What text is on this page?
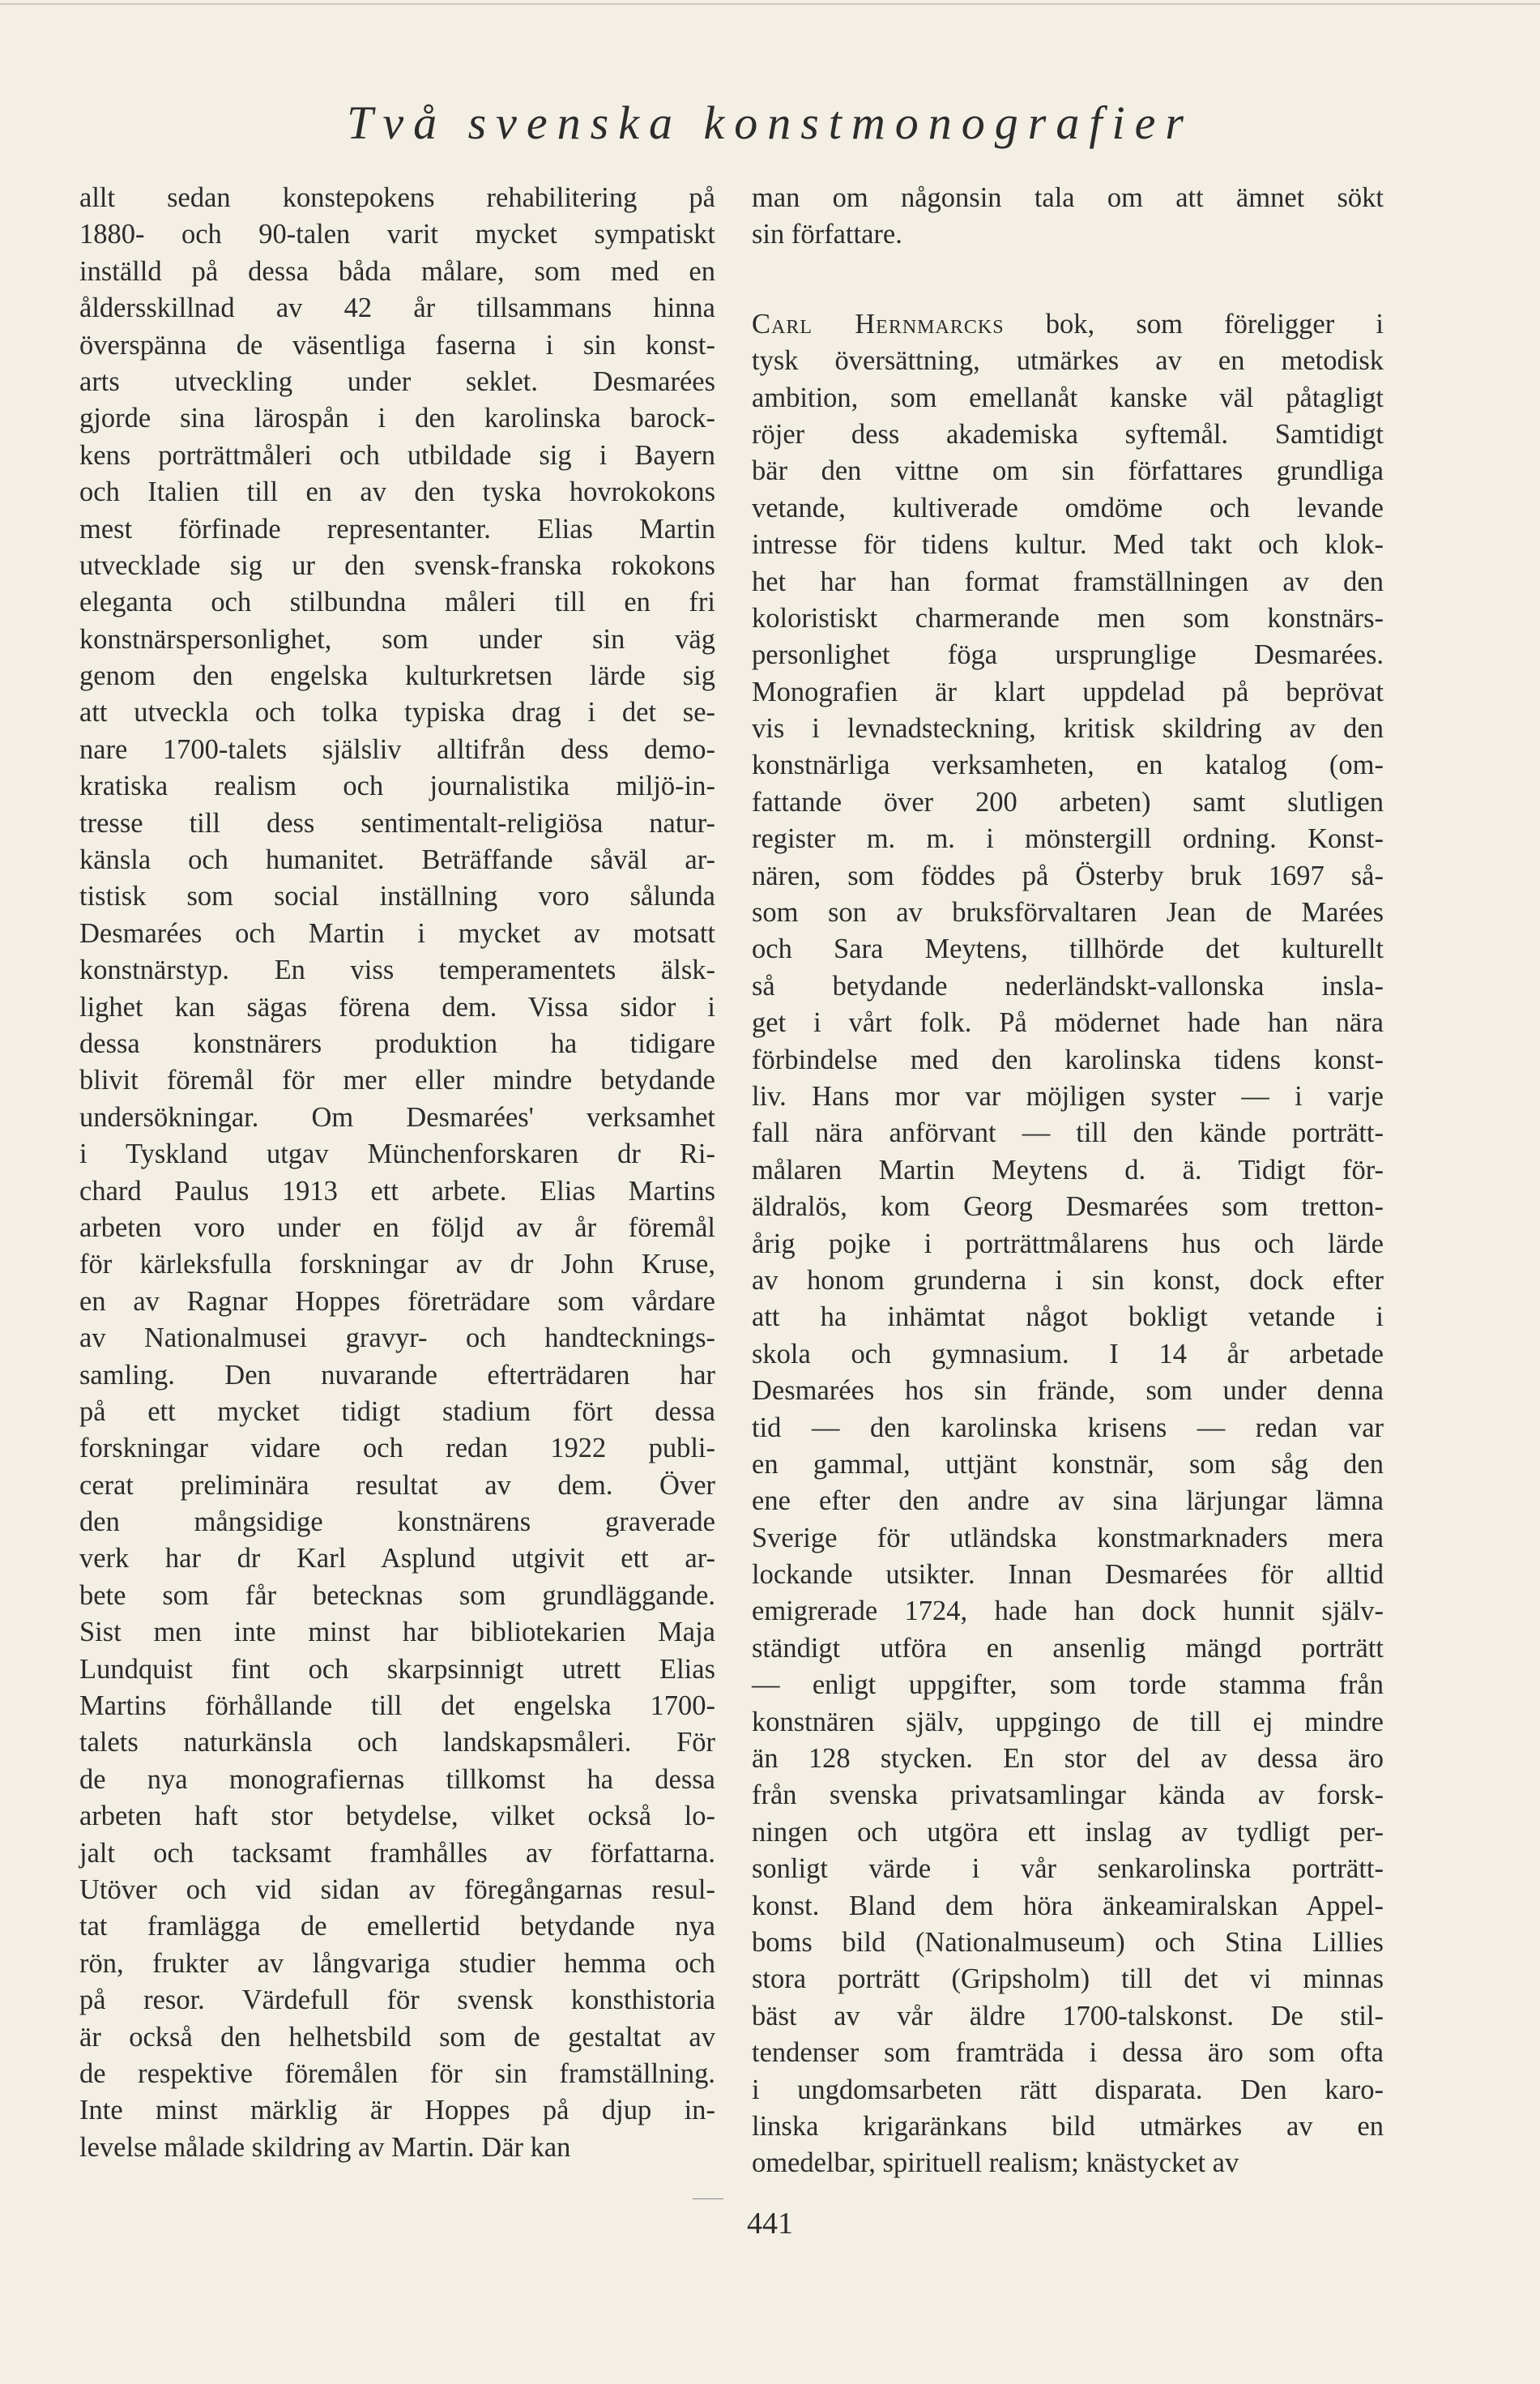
Två svenska konstmonografier
allt sedan konstepokens rehabilitering på
1880- och 90-talen varit mycket sympatiskt
inställd på dessa båda målare, som med en
åldersskillnad av 42 år tillsammans hinna
överspänna de väsentliga faserna i sin konst-
arts utveckling under seklet. Desmarées
gjorde sina lärospån i den karolinska barock-
kens porträttmåleri och utbildade sig i Bayern
och Italien till en av den tyska hovrokokons
mest förfinade representanter. Elias Martin
utvecklade sig ur den svensk-franska rokokons
eleganta och stilbundna måleri till en fri
konstnärspersonlighet, som under sin väg
genom den engelska kulturkretsen lärde sig
att utveckla och tolka typiska drag i det se-
nare 1700-talets själsliv alltifrån dess demo-
kratiska realism och journalistika miljö-in-
tresse till dess sentimentalt-religiösa natur-
känsla och humanitet. Beträffande såväl ar-
tistisk som social inställning voro sålunda
Desmarées och Martin i mycket av motsatt
konstnärstyp. En viss temperamentets älsk-
lighet kan sägas förena dem. Vissa sidor i
dessa konstnärers produktion ha tidigare
blivit föremål för mer eller mindre betydande
undersökningar. Om Desmarées' verksamhet
i Tyskland utgav Münchenforskaren dr Ri-
chard Paulus 1913 ett arbete. Elias Martins
arbeten voro under en följd av år föremål
för kärleksfulla forskningar av dr John Kruse,
en av Ragnar Hoppes företrädare som vårdare
av Nationalmusei gravyr- och handtecknings-
samling. Den nuvarande efterträdaren har
på ett mycket tidigt stadium fört dessa
forskningar vidare och redan 1922 publi-
cerat preliminära resultat av dem. Över
den mångsidige konstnärens graverade
verk har dr Karl Asplund utgivit ett ar-
bete som får betecknas som grundläggande.
Sist men inte minst har bibliotekarien Maja
Lundquist fint och skarpsinnigt utrett Elias
Martins förhållande till det engelska 1700-
talets naturkänsla och landskapsmåleri. För
de nya monografiernas tillkomst ha dessa
arbeten haft stor betydelse, vilket också lo-
jalt och tacksamt framhålles av författarna.
Utöver och vid sidan av föregångarnas resul-
tat framlägga de emellertid betydande nya
rön, frukter av långvariga studier hemma och
på resor. Värdefull för svensk konsthistoria
är också den helhetsbild som de gestaltat av
de respektive föremålen för sin framställning.
Inte minst märklig är Hoppes på djup in-
levelse målade skildring av Martin. Där kan
man om någonsin tala om att ämnet sökt
sin författare.
Carl Hernmarcks bok, som föreligger i
tysk översättning, utmärkes av en metodisk
ambition, som emellanåt kanske väl påtagligt
röjer dess akademiska syftemål. Samtidigt
bär den vittne om sin författares grundliga
vetande, kultiverade omdöme och levande
intresse för tidens kultur. Med takt och klok-
het har han format framställningen av den
koloristiskt charmerande men som konstnärs-
personlighet föga ursprunglige Desmarées.
Monografien är klart uppdelad på beprövat
vis i levnadsteckning, kritisk skildring av den
konstnärliga verksamheten, en katalog (om-
fattande över 200 arbeten) samt slutligen
register m. m. i mönstergill ordning. Konst-
nären, som föddes på Österby bruk 1697 så-
som son av bruksförvaltaren Jean de Marées
och Sara Meytens, tillhörde det kulturellt
så betydande nederländskt-vallonska insla-
get i vårt folk. På mödernet hade han nära
förbindelse med den karolinska tidens konst-
liv. Hans mor var möjligen syster — i varje
fall nära anförvant — till den kände porträtt-
målaren Martin Meytens d. ä. Tidigt för-
äldralös, kom Georg Desmarées som tretton-
årig pojke i porträttmålarens hus och lärde
av honom grunderna i sin konst, dock efter
att ha inhämtat något bokligt vetande i
skola och gymnasium. I 14 år arbetade
Desmarées hos sin frände, som under denna
tid — den karolinska krisens — redan var
en gammal, uttjänt konstnär, som såg den
ene efter den andre av sina lärjungar lämna
Sverige för utländska konstmarknaders mera
lockande utsikter. Innan Desmarées för alltid
emigrerade 1724, hade han dock hunnit själv-
ständigt utföra en ansenlig mängd porträtt
— enligt uppgifter, som torde stamma från
konstnären själv, uppgingo de till ej mindre
än 128 stycken. En stor del av dessa äro
från svenska privatsamlingar kända av forsk-
ningen och utgöra ett inslag av tydligt per-
sonligt värde i vår senkarolinska porträtt-
konst. Bland dem höra änkeamiralskan Appel-
boms bild (Nationalmuseum) och Stina Lillies
stora porträtt (Gripsholm) till det vi minnas
bäst av vår äldre 1700-talskonst. De stil-
tendenser som framträda i dessa äro som ofta
i ungdomsarbeten rätt disparata. Den karo-
linska krigaränkans bild utmärkes av en
omedelbar, spirituell realism; knästycket av
441
